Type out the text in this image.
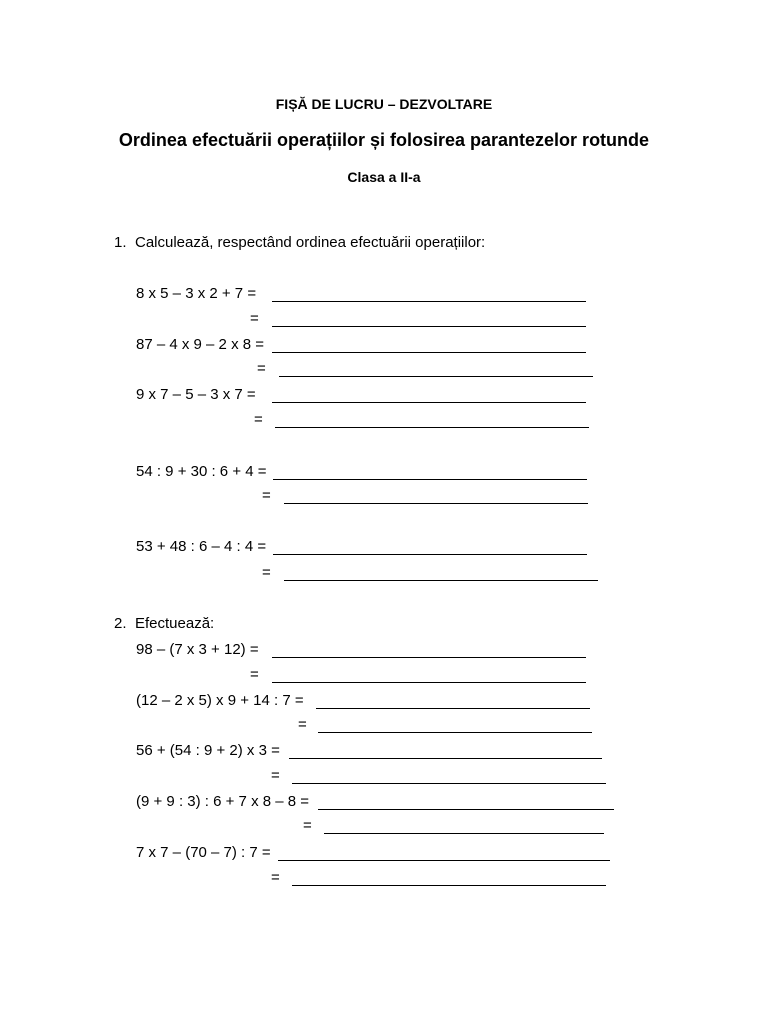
FIȘĂ DE LUCRU – DEZVOLTARE
Ordinea efectuării operațiilor și folosirea parantezelor rotunde
Clasa a II-a
1. Calculează, respectând ordinea efectuării operațiilor:
8 x 5 – 3 x 2 + 7 =
=
87 – 4 x 9 – 2 x 8 =
=
9 x 7 – 5 – 3 x 7 =
=
54 : 9 + 30 : 6 + 4 =
=
53 + 48 : 6 – 4 : 4 =
=
2. Efectuează:
98 – (7 x 3 + 12) =
=
(12 – 2 x 5) x 9 + 14 : 7 =
=
56 + (54 : 9 + 2) x 3 =
=
(9 + 9 : 3) : 6 + 7 x 8 – 8 =
=
7 x 7 – (70 – 7) : 7 =
=
